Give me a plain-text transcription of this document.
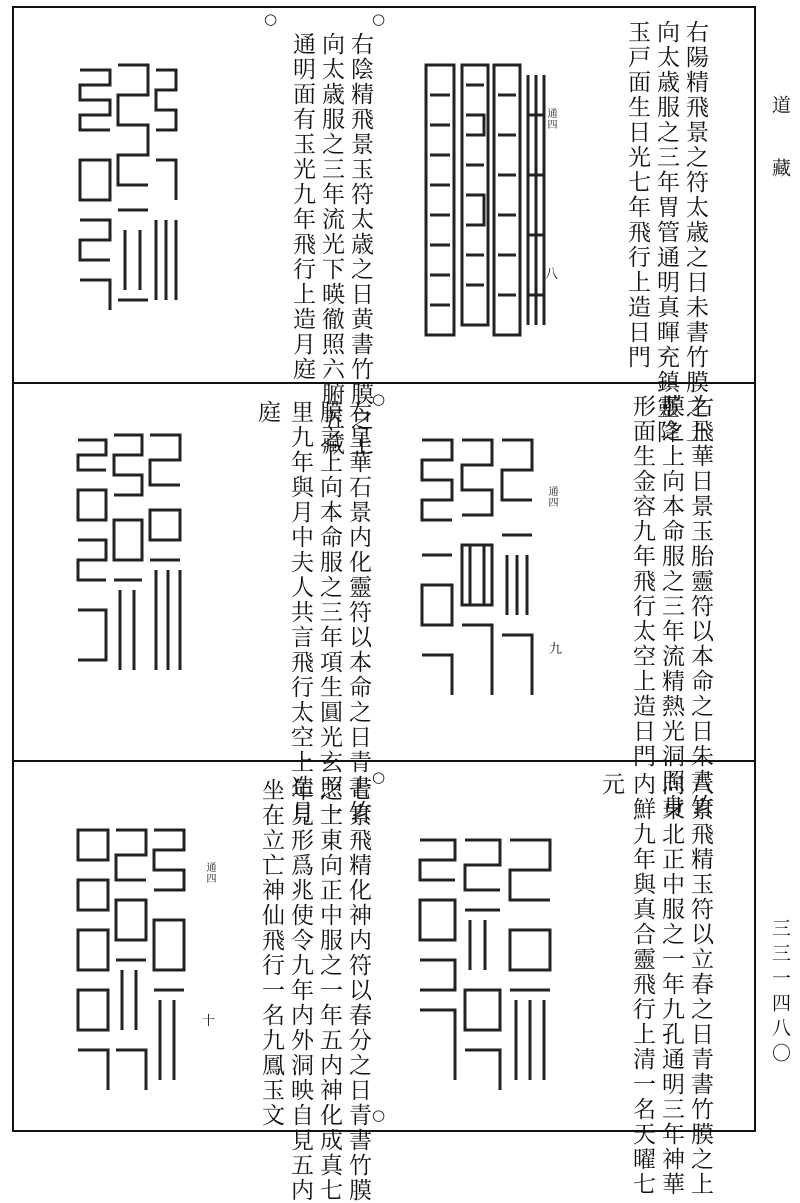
道藏
三三一四八〇
右陽精飛景之符太歳之日未書竹膜之上
向太歳服之三年胃管通明真暉充鎮靈降
玉戸面生日光七年飛行上造日門
通四
八
○
右陰精飛景玉符太歳之日黄書竹膜之上
向太歳服之三年流光下暎徹照六腑五藏
○
通明面有玉光九年飛行上造月庭
右飛華日景玉胎靈符以本命之日朱書竹
膜之上向本命服之三年流精熱光洞照身
形面生金容九年飛行太空上造日門
通四
九
○
右皇華石景内化靈符以本命之日青書竹
膜之上向本命服之三年項生圓光玄照一
里九年與月中夫人共言飛行太空上造月
庭
八素飛精玉符以立春之日青書竹膜之上
向東北正中服之一年九孔通明三年神華
内鮮九年與真合靈飛行上清一名天曜七
元
通四
十
○
七素飛精化神内符以春分之日青書竹膜
之上東向正中服之一年五内神化成真七
年見形爲兆使令九年内外洞映自見五内
坐在立亡神仙飛行一名九鳳玉文	○
